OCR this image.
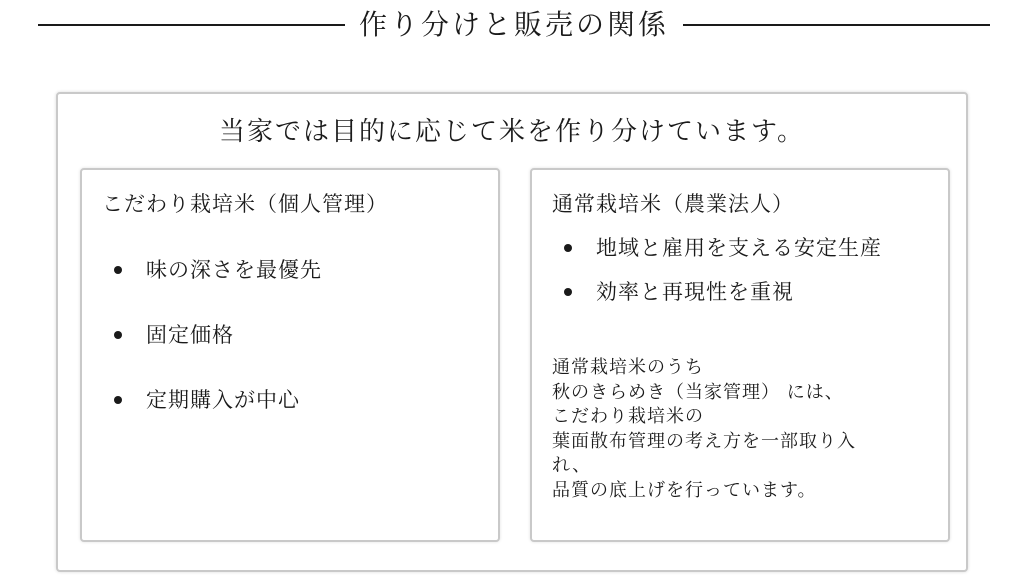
作り分けと販売の関係
当家では目的に応じて米を作り分けています。
こだわり栽培米（個人管理）
味の深さを最優先
固定価格
定期購入が中心
通常栽培米（農業法人）
地域と雇用を支える安定生産
効率と再現性を重視
通常栽培米のうち
秋のきらめき（当家管理） には、
こだわり栽培米の
葉面散布管理の考え方を一部取り入
れ、
品質の底上げを行っています。
